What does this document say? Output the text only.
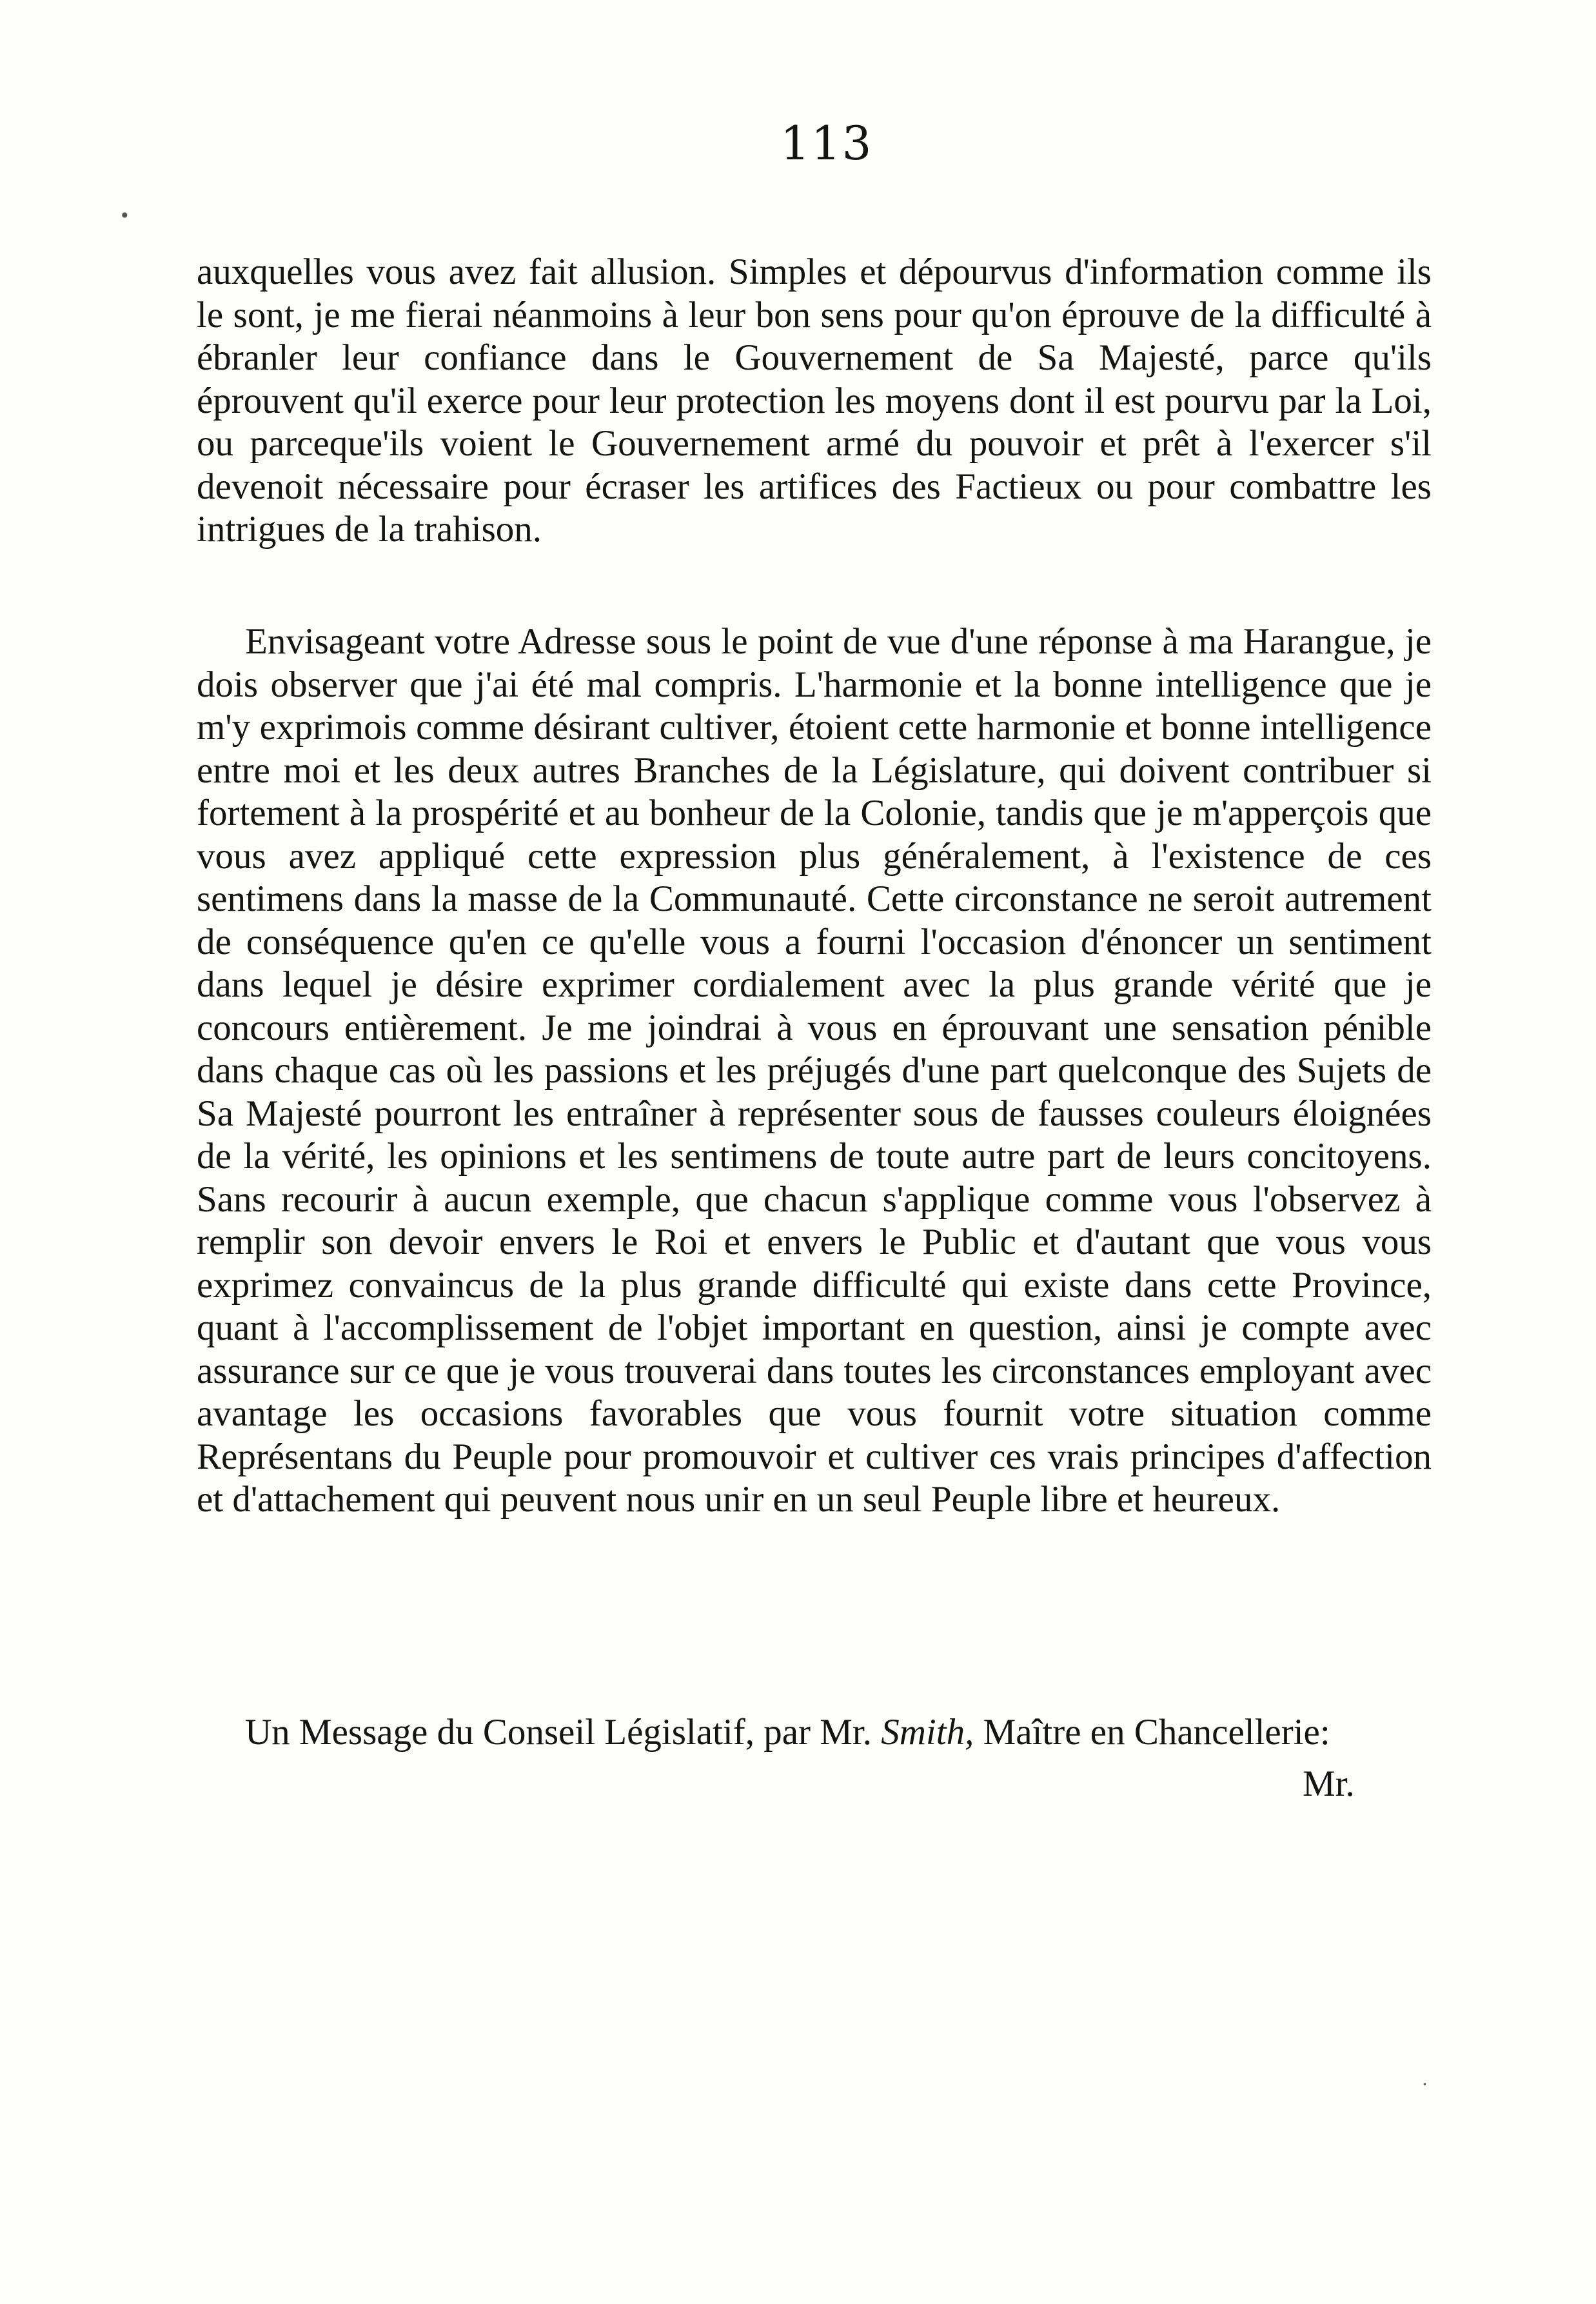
113

auxquelles vous avez fait allusion. Simples et dépourvus d'information comme ils le sont, je me fierai néanmoins à leur bon sens pour qu'on éprouve de la difficulté à ébranler leur confiance dans le Gouvernement de Sa Majesté, parce qu'ils éprouvent qu'il exerce pour leur protection les moyens dont il est pourvu par la Loi, ou parceque'ils voient le Gouvernement armé du pouvoir et prêt à l'exercer s'il devenoit nécessaire pour écraser les artifices des Factieux ou pour combattre les intrigues de la trahison.

Envisageant votre Adresse sous le point de vue d'une réponse à ma Harangue, je dois observer que j'ai été mal compris. L'harmonie et la bonne intelligence que je m'y exprimois comme désirant cultiver, étoient cette harmonie et bonne intelligence entre moi et les deux autres Branches de la Législature, qui doivent contribuer si fortement à la prospérité et au bonheur de la Colonie, tandis que je m'apperçois que vous avez appliqué cette expression plus généralement, à l'existence de ces sentimens dans la masse de la Communauté. Cette circonstance ne seroit autrement de conséquence qu'en ce qu'elle vous a fourni l'occasion d'énoncer un sentiment dans lequel je désire exprimer cordialement avec la plus grande vérité que je concours entièrement. Je me joindrai à vous en éprouvant une sensation pénible dans chaque cas où les passions et les préjugés d'une part quelconque des Sujets de Sa Majesté pourront les entraîner à représenter sous de fausses couleurs éloignées de la vérité, les opinions et les sentimens de toute autre part de leurs concitoyens. Sans recourir à aucun exemple, que chacun s'applique comme vous l'observez à remplir son devoir envers le Roi et envers le Public et d'autant que vous vous exprimez convaincus de la plus grande difficulté qui existe dans cette Province, quant à l'accomplissement de l'objet important en question, ainsi je compte avec assurance sur ce que je vous trouverai dans toutes les circonstances employant avec avantage les occasions favorables que vous fournit votre situation comme Représentans du Peuple pour promouvoir et cultiver ces vrais principes d'affection et d'attachement qui peuvent nous unir en un seul Peuple libre et heureux.

Un Message du Conseil Législatif, par Mr. Smith, Maître en Chancellerie:

Mr.
•
·
